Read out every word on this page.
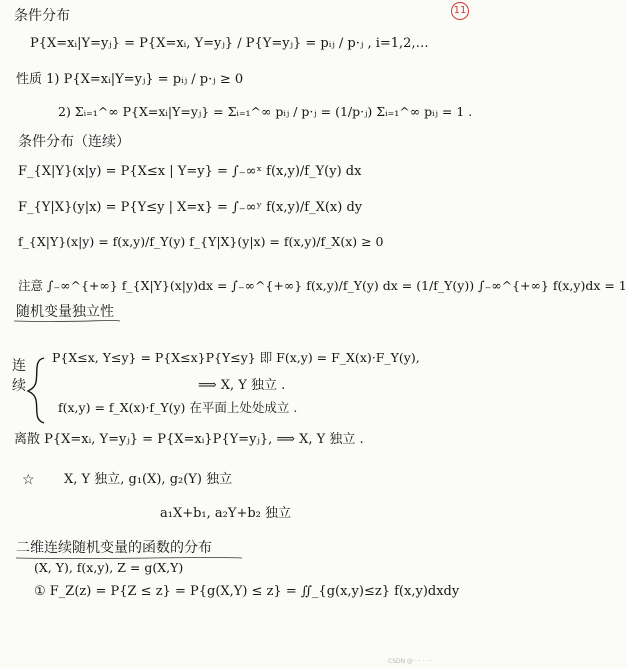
11
条件分布
P{X=xᵢ|Y=yⱼ} = P{X=xᵢ, Y=yⱼ} / P{Y=yⱼ} = pᵢⱼ / p·ⱼ , i=1,2,…
性质 1) P{X=xᵢ|Y=yⱼ} = pᵢⱼ / p·ⱼ ≥ 0
2) Σᵢ₌₁^∞ P{X=xᵢ|Y=yⱼ} = Σᵢ₌₁^∞ pᵢⱼ / p·ⱼ = (1/p·ⱼ) Σᵢ₌₁^∞ pᵢⱼ = 1 .
条件分布（连续）
F_{X|Y}(x|y) = P{X≤x | Y=y} = ∫₋∞ˣ f(x,y)/f_Y(y) dx
F_{Y|X}(y|x) = P{Y≤y | X=x} = ∫₋∞ʸ f(x,y)/f_X(x) dy
f_{X|Y}(x|y) = f(x,y)/f_Y(y) f_{Y|X}(y|x) = f(x,y)/f_X(x) ≥ 0
注意 ∫₋∞^{+∞} f_{X|Y}(x|y)dx = ∫₋∞^{+∞} f(x,y)/f_Y(y) dx = (1/f_Y(y)) ∫₋∞^{+∞} f(x,y)dx = 1
随机变量独立性
连
续
P{X≤x, Y≤y} = P{X≤x}P{Y≤y} 即 F(x,y) = F_X(x)·F_Y(y),
⟹ X, Y 独立 .
f(x,y) = f_X(x)·f_Y(y) 在平面上处处成立 .
离散 P{X=xᵢ, Y=yⱼ} = P{X=xᵢ}P{Y=yⱼ}, ⟹ X, Y 独立 .
☆ X, Y 独立, g₁(X), g₂(Y) 独立
a₁X+b₁, a₂Y+b₂ 独立
二维连续随机变量的函数的分布
(X, Y), f(x,y), Z = g(X,Y)
① F_Z(z) = P{Z ≤ z} = P{g(X,Y) ≤ z} = ∬_{g(x,y)≤z} f(x,y)dxdy
CSDN @ · · · · · ·
